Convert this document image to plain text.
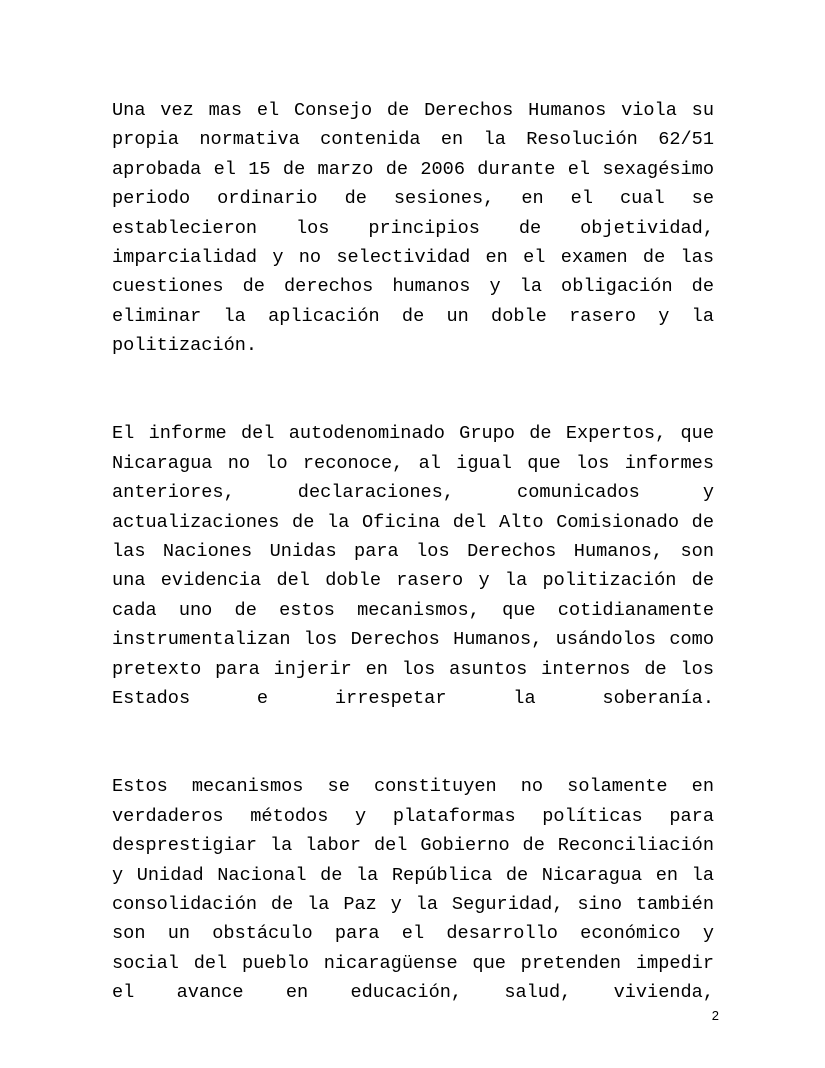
Una vez mas el Consejo de Derechos Humanos viola su propia normativa contenida en la Resolución 62/51 aprobada el 15 de marzo de 2006 durante el sexagésimo periodo ordinario de sesiones, en el cual se establecieron los principios de objetividad, imparcialidad y no selectividad en el examen de las cuestiones de derechos humanos y la obligación de eliminar la aplicación de un doble rasero y la politización.

El informe del autodenominado Grupo de Expertos, que Nicaragua no lo reconoce, al igual que los informes anteriores, declaraciones, comunicados y actualizaciones de la Oficina del Alto Comisionado de las Naciones Unidas para los Derechos Humanos, son una evidencia del doble rasero y la politización de cada uno de estos mecanismos, que cotidianamente instrumentalizan los Derechos Humanos, usándolos como pretexto para injerir en los asuntos internos de los Estados e irrespetar la soberanía.

Estos mecanismos se constituyen no solamente en verdaderos métodos y plataformas políticas para desprestigiar la labor del Gobierno de Reconciliación y Unidad Nacional de la República de Nicaragua en la consolidación de la Paz y la Seguridad, sino también son un obstáculo para el desarrollo económico y social del pueblo nicaragüense que pretenden impedir el avance en educación, salud, vivienda,

2
